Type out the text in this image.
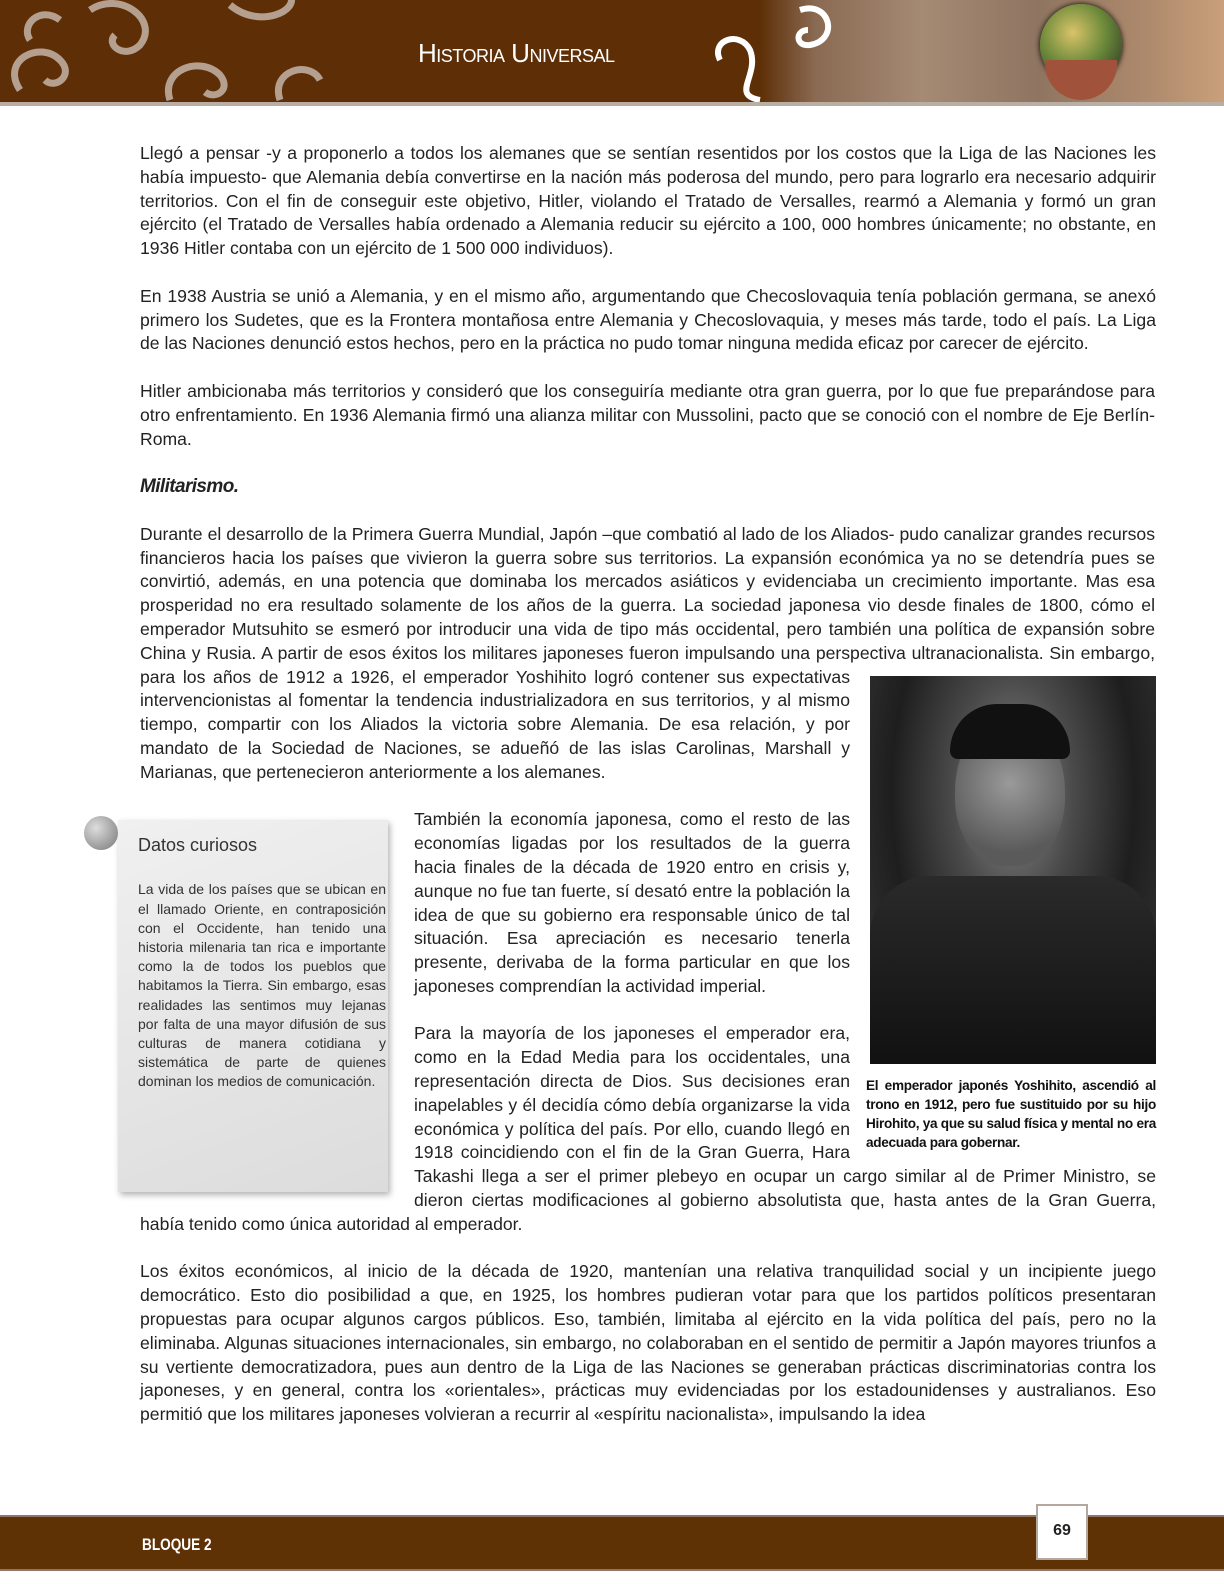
Historia Universal

Llegó a pensar -y a proponerlo a todos los alemanes que se sentían resentidos por los costos que la Liga de las Naciones les había impuesto- que Alemania debía convertirse en la nación más poderosa del mundo, pero para lograrlo era necesario adquirir territorios. Con el fin de conseguir este objetivo, Hitler, violando el Tratado de Versalles, rearmó a Alemania y formó un gran ejército (el Tratado de Versalles había ordenado a Alemania reducir su ejército a 100, 000 hombres únicamente; no obstante, en 1936 Hitler contaba con un ejército de 1 500 000 individuos).

En 1938 Austria se unió a Alemania, y en el mismo año, argumentando que Checoslovaquia tenía población germana, se anexó primero los Sudetes, que es la Frontera montañosa entre Alemania y Checoslovaquia, y meses más tarde, todo el país. La Liga de las Naciones denunció estos hechos, pero en la práctica no pudo tomar ninguna medida eficaz por carecer de ejército.

El emperador japonés Yoshihito, ascendió al trono en 1912, pero fue sustituido por su hijo Hirohito, ya que su salud física y mental no era adecuada para gobernar.

Hitler ambicionaba más territorios y consideró que los conseguiría mediante otra gran guerra, por lo que fue preparándose para otro enfrentamiento. En 1936 Alemania firmó una alianza militar con Mussolini, pacto que se conoció con el nombre de Eje Berlín-Roma.

Militarismo.

Durante el desarrollo de la Primera Guerra Mundial, Japón –que combatió al lado de los Aliados- pudo canalizar grandes recursos financieros hacia los países que vivieron la guerra sobre sus territorios. La expansión económica ya no se detendría pues se convirtió, además, en una potencia que dominaba los mercados asiáticos y evidenciaba un crecimiento importante. Mas esa prosperidad no era resultado solamente de los años de la guerra. La sociedad japonesa vio desde finales de 1800, cómo el emperador Mutsuhito se esmeró por introducir una vida de tipo más occidental, pero también una política de expansión sobre China y Rusia. A partir de esos éxitos los militares japoneses fueron impulsando una perspectiva ultranacionalista. Sin embargo, para los años de 1912 a 1926, el emperador Yoshihito logró contener sus expectativas intervencionistas al fomentar la tendencia industrializadora en sus territorios, y al mismo tiempo, compartir con los Aliados la victoria sobre Alemania. De esa relación, y por mandato de la Sociedad de Naciones, se adueñó de las islas Carolinas, Marshall y Marianas, que pertenecieron anteriormente a los alemanes.

Datos curiosos
La vida de los países que se ubican en el llamado Oriente, en contraposición con el Occidente, han tenido una historia milenaria tan rica e importante como la de todos los pueblos que habitamos la Tierra. Sin embargo, esas realidades las sentimos muy lejanas por falta de una mayor difusión de sus culturas de manera cotidiana y sistemática de parte de quienes dominan los medios de comunicación.

También la economía japonesa, como el resto de las economías ligadas por los resultados de la guerra hacia finales de la década de 1920 entro en crisis y, aunque no fue tan fuerte, sí desató entre la población la idea de que su gobierno era responsable único de tal situación. Esa apreciación es necesario tenerla presente, derivaba de la forma particular en que los japoneses comprendían la actividad imperial.

Para la mayoría de los japoneses el emperador era, como en la Edad Media para los occidentales, una representación directa de Dios. Sus decisiones eran inapelables y él decidía cómo debía organizarse la vida económica y política del país. Por ello, cuando llegó en 1918 coincidiendo con el fin de la Gran Guerra, Hara Takashi llega a ser el primer plebeyo en ocupar un cargo similar al de Primer Ministro, se dieron ciertas modificaciones al gobierno absolutista que, hasta antes de la Gran Guerra, había tenido como única autoridad al emperador.

Los éxitos económicos, al inicio de la década de 1920, mantenían una relativa tranquilidad social y un incipiente juego democrático. Esto dio posibilidad a que, en 1925, los hombres pudieran votar para que los partidos políticos presentaran propuestas para ocupar algunos cargos públicos. Eso, también, limitaba al ejército en la vida política del país, pero no la eliminaba. Algunas situaciones internacionales, sin embargo, no colaboraban en el sentido de permitir a Japón mayores triunfos a su vertiente democratizadora, pues aun dentro de la Liga de las Naciones se generaban prácticas discriminatorias contra los japoneses, y en general, contra los «orientales», prácticas muy evidenciadas por los estadounidenses y australianos. Eso permitió que los militares japoneses volvieran a recurrir al «espíritu nacionalista», impulsando la idea

BLOQUE 2
69
